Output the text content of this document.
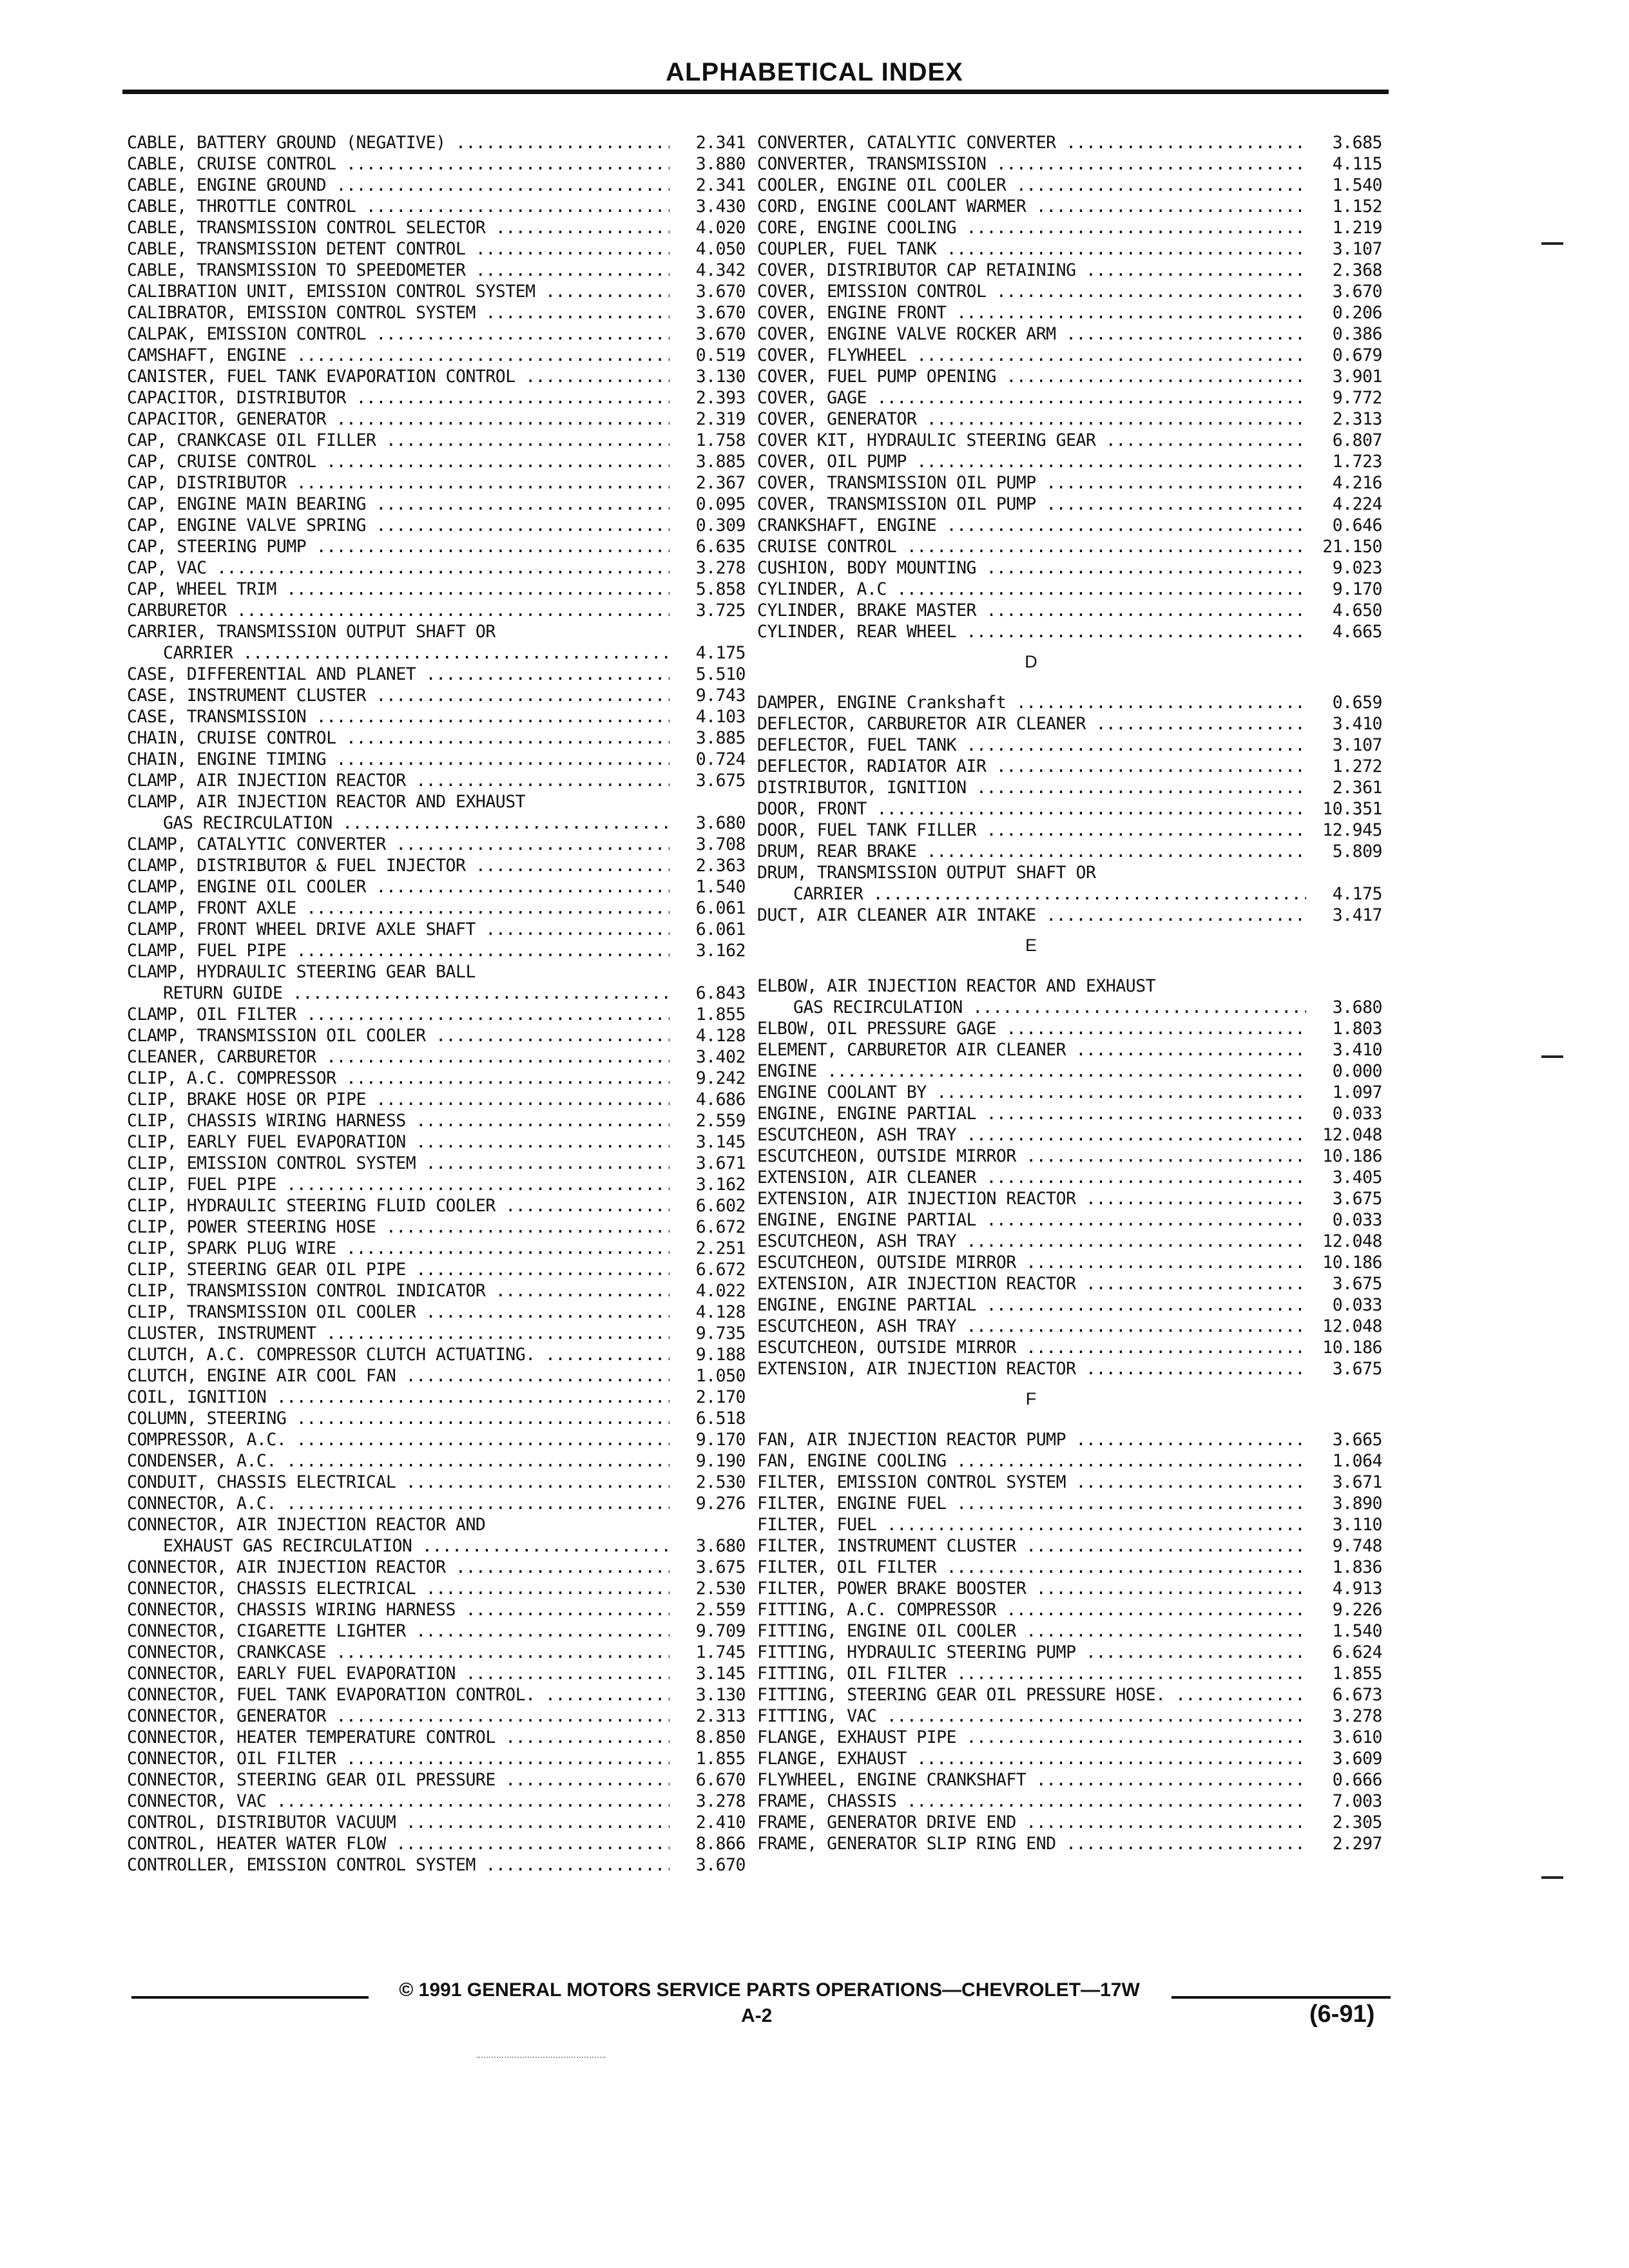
ALPHABETICAL INDEX
CABLE, BATTERY GROUND (NEGATIVE) .....	2.341
CABLE, CRUISE CONTROL .....	3.880
CABLE, ENGINE GROUND .....	2.341
CABLE, THROTTLE CONTROL .....	3.430
CABLE, TRANSMISSION CONTROL SELECTOR .....	4.020
CABLE, TRANSMISSION DETENT CONTROL .....	4.050
CABLE, TRANSMISSION TO SPEEDOMETER .....	4.342
CALIBRATION UNIT, EMISSION CONTROL SYSTEM .....	3.670
CALIBRATOR, EMISSION CONTROL SYSTEM .....	3.670
CALPAK, EMISSION CONTROL .....	3.670
CAMSHAFT, ENGINE .....	0.519
CANISTER, FUEL TANK EVAPORATION CONTROL .....	3.130
CAPACITOR, DISTRIBUTOR .....	2.393
CAPACITOR, GENERATOR .....	2.319
CAP, CRANKCASE OIL FILLER .....	1.758
CAP, CRUISE CONTROL .....	3.885
CAP, DISTRIBUTOR .....	2.367
CAP, ENGINE MAIN BEARING .....	0.095
CAP, ENGINE VALVE SPRING .....	0.309
CAP, STEERING PUMP .....	6.635
CAP, VAC .....	3.278
CAP, WHEEL TRIM .....	5.858
CARBURETOR .....	3.725
CARRIER, TRANSMISSION OUTPUT SHAFT OR
CARRIER .....	4.175
CASE, DIFFERENTIAL AND PLANET .....	5.510
CASE, INSTRUMENT CLUSTER .....	9.743
CASE, TRANSMISSION .....	4.103
CHAIN, CRUISE CONTROL .....	3.885
CHAIN, ENGINE TIMING .....	0.724
CLAMP, AIR INJECTION REACTOR .....	3.675
CLAMP, AIR INJECTION REACTOR AND EXHAUST
GAS RECIRCULATION .....	3.680
CLAMP, CATALYTIC CONVERTER .....	3.708
CLAMP, DISTRIBUTOR & FUEL INJECTOR .....	2.363
CLAMP, ENGINE OIL COOLER .....	1.540
CLAMP, FRONT AXLE .....	6.061
CLAMP, FRONT WHEEL DRIVE AXLE SHAFT .....	6.061
CLAMP, FUEL PIPE .....	3.162
CLAMP, HYDRAULIC STEERING GEAR BALL
RETURN GUIDE .....	6.843
CLAMP, OIL FILTER .....	1.855
CLAMP, TRANSMISSION OIL COOLER .....	4.128
CLEANER, CARBURETOR .....	3.402
CLIP, A.C. COMPRESSOR .....	9.242
CLIP, BRAKE HOSE OR PIPE .....	4.686
CLIP, CHASSIS WIRING HARNESS .....	2.559
CLIP, EARLY FUEL EVAPORATION .....	3.145
CLIP, EMISSION CONTROL SYSTEM .....	3.671
CLIP, FUEL PIPE .....	3.162
CLIP, HYDRAULIC STEERING FLUID COOLER .....	6.602
CLIP, POWER STEERING HOSE .....	6.672
CLIP, SPARK PLUG WIRE .....	2.251
CLIP, STEERING GEAR OIL PIPE .....	6.672
CLIP, TRANSMISSION CONTROL INDICATOR .....	4.022
CLIP, TRANSMISSION OIL COOLER .....	4.128
CLUSTER, INSTRUMENT .....	9.735
CLUTCH, A.C. COMPRESSOR CLUTCH ACTUATING. .....	9.188
CLUTCH, ENGINE AIR COOL FAN .....	1.050
COIL, IGNITION .....	2.170
COLUMN, STEERING .....	6.518
COMPRESSOR, A.C. .....	9.170
CONDENSER, A.C. .....	9.190
CONDUIT, CHASSIS ELECTRICAL .....	2.530
CONNECTOR, A.C. .....	9.276
CONNECTOR, AIR INJECTION REACTOR AND
EXHAUST GAS RECIRCULATION .....	3.680
CONNECTOR, AIR INJECTION REACTOR .....	3.675
CONNECTOR, CHASSIS ELECTRICAL .....	2.530
CONNECTOR, CHASSIS WIRING HARNESS .....	2.559
CONNECTOR, CIGARETTE LIGHTER .....	9.709
CONNECTOR, CRANKCASE .....	1.745
CONNECTOR, EARLY FUEL EVAPORATION .....	3.145
CONNECTOR, FUEL TANK EVAPORATION CONTROL. .....	3.130
CONNECTOR, GENERATOR .....	2.313
CONNECTOR, HEATER TEMPERATURE CONTROL .....	8.850
CONNECTOR, OIL FILTER .....	1.855
CONNECTOR, STEERING GEAR OIL PRESSURE .....	6.670
CONNECTOR, VAC .....	3.278
CONTROL, DISTRIBUTOR VACUUM .....	2.410
CONTROL, HEATER WATER FLOW .....	8.866
CONTROLLER, EMISSION CONTROL SYSTEM .....	3.670
CONVERTER, CATALYTIC CONVERTER .....	3.685
CONVERTER, TRANSMISSION .....	4.115
COOLER, ENGINE OIL COOLER .....	1.540
CORD, ENGINE COOLANT WARMER .....	1.152
CORE, ENGINE COOLING .....	1.219
COUPLER, FUEL TANK .....	3.107
COVER, DISTRIBUTOR CAP RETAINING .....	2.368
COVER, EMISSION CONTROL .....	3.670
COVER, ENGINE FRONT .....	0.206
COVER, ENGINE VALVE ROCKER ARM .....	0.386
COVER, FLYWHEEL .....	0.679
COVER, FUEL PUMP OPENING .....	3.901
COVER, GAGE .....	9.772
COVER, GENERATOR .....	2.313
COVER KIT, HYDRAULIC STEERING GEAR .....	6.807
COVER, OIL PUMP .....	1.723
COVER, TRANSMISSION OIL PUMP .....	4.216
COVER, TRANSMISSION OIL PUMP .....	4.224
CRANKSHAFT, ENGINE .....	0.646
CRUISE CONTROL .....	21.150
CUSHION, BODY MOUNTING .....	9.023
CYLINDER, A.C .....	9.170
CYLINDER, BRAKE MASTER .....	4.650
CYLINDER, REAR WHEEL .....	4.665
D
DAMPER, ENGINE Crankshaft .....	0.659
DEFLECTOR, CARBURETOR AIR CLEANER .....	3.410
DEFLECTOR, FUEL TANK .....	3.107
DEFLECTOR, RADIATOR AIR .....	1.272
DISTRIBUTOR, IGNITION .....	2.361
DOOR, FRONT .....	10.351
DOOR, FUEL TANK FILLER .....	12.945
DRUM, REAR BRAKE .....	5.809
DRUM, TRANSMISSION OUTPUT SHAFT OR
CARRIER .....	4.175
DUCT, AIR CLEANER AIR INTAKE .....	3.417
E
ELBOW, AIR INJECTION REACTOR AND EXHAUST
GAS RECIRCULATION .....	3.680
ELBOW, OIL PRESSURE GAGE .....	1.803
ELEMENT, CARBURETOR AIR CLEANER .....	3.410
ENGINE .....	0.000
ENGINE COOLANT BY .....	1.097
ENGINE, ENGINE PARTIAL .....	0.033
ESCUTCHEON, ASH TRAY .....	12.048
ESCUTCHEON, OUTSIDE MIRROR .....	10.186
EXTENSION, AIR CLEANER .....	3.405
EXTENSION, AIR INJECTION REACTOR .....	3.675
ENGINE, ENGINE PARTIAL .....	0.033
ESCUTCHEON, ASH TRAY .....	12.048
ESCUTCHEON, OUTSIDE MIRROR .....	10.186
EXTENSION, AIR INJECTION REACTOR .....	3.675
ENGINE, ENGINE PARTIAL .....	0.033
ESCUTCHEON, ASH TRAY .....	12.048
ESCUTCHEON, OUTSIDE MIRROR .....	10.186
EXTENSION, AIR INJECTION REACTOR .....	3.675
F
FAN, AIR INJECTION REACTOR PUMP .....	3.665
FAN, ENGINE COOLING .....	1.064
FILTER, EMISSION CONTROL SYSTEM .....	3.671
FILTER, ENGINE FUEL .....	3.890
FILTER, FUEL .....	3.110
FILTER, INSTRUMENT CLUSTER .....	9.748
FILTER, OIL FILTER .....	1.836
FILTER, POWER BRAKE BOOSTER .....	4.913
FITTING, A.C. COMPRESSOR .....	9.226
FITTING, ENGINE OIL COOLER .....	1.540
FITTING, HYDRAULIC STEERING PUMP .....	6.624
FITTING, OIL FILTER .....	1.855
FITTING, STEERING GEAR OIL PRESSURE HOSE. .....	6.673
FITTING, VAC .....	3.278
FLANGE, EXHAUST PIPE .....	3.610
FLANGE, EXHAUST .....	3.609
FLYWHEEL, ENGINE CRANKSHAFT .....	0.666
FRAME, CHASSIS .....	7.003
FRAME, GENERATOR DRIVE END .....	2.305
FRAME, GENERATOR SLIP RING END .....	2.297
© 1991 GENERAL MOTORS SERVICE PARTS OPERATIONS—CHEVROLET—17W
A-2	(6-91)
